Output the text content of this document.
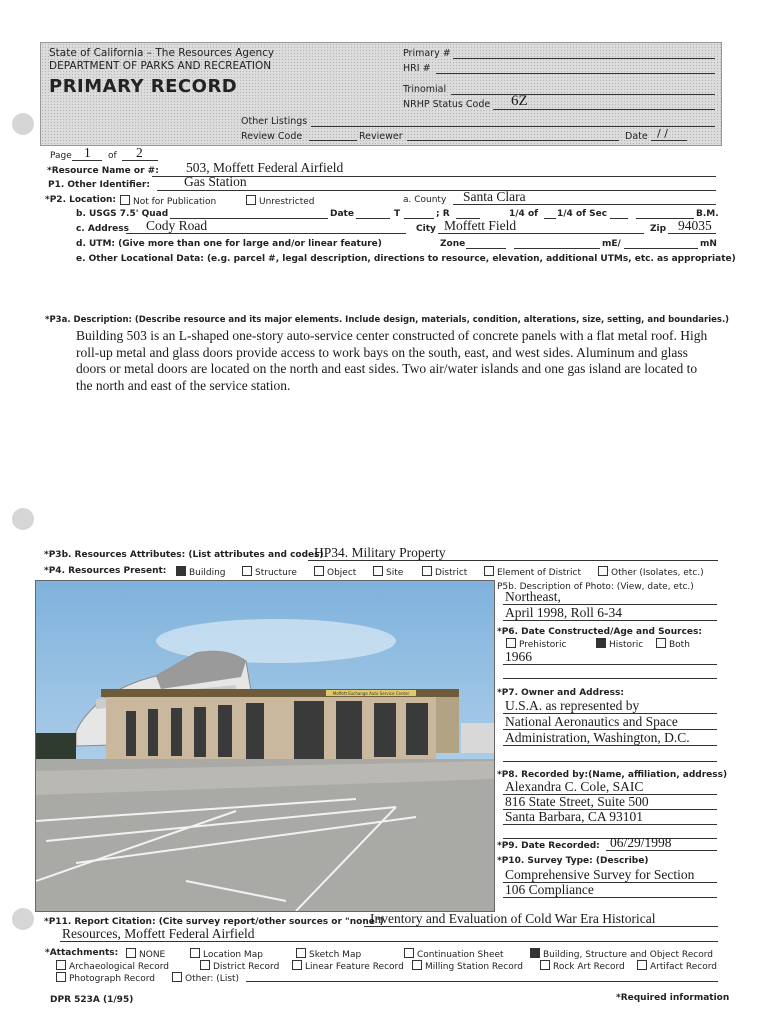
State of California – The Resources Agency
DEPARTMENT OF PARKS AND RECREATION
PRIMARY RECORD
Primary #
HRI #
Trinomial
NRHP Status Code 6Z
Other Listings
Review Code	Reviewer	Date / /
Page 1 of 2
*Resource Name or #: 503, Moffett Federal Airfield
P1. Other Identifier:	Gas Station
*P2. Location:	Not for Publication	Unrestricted	a. County Santa Clara
b. USGS 7.5' Quad	Date	T	; R	1/4 of 1/4 of Sec	B.M.
c. Address Cody Road	City Moffett Field	Zip 94035
d. UTM: (Give more than one for large and/or linear feature)	Zone	mE/	mN
e. Other Locational Data: (e.g. parcel #, legal description, directions to resource, elevation, additional UTMs, etc. as appropriate)
*P3a. Description: (Describe resource and its major elements. Include design, materials, condition, alterations, size, setting, and boundaries.)
Building 503 is an L-shaped one-story auto-service center constructed of concrete panels with a flat metal roof. High roll-up metal and glass doors provide access to work bays on the south, east, and west sides. Aluminum and glass doors or metal doors are located on the north and east sides. Two air/water islands and one gas island are located to the north and east of the service station.
*P3b. Resources Attributes: (List attributes and codes)
HP34. Military Property
*P4. Resources Present:	Building	Structure	Object	Site	District	Element of District	Other (Isolates, etc.)
Moffett Exchange Auto Service Center
P5b. Description of Photo: (View, date, etc.)
Northeast,
April 1998, Roll 6-34
*P6. Date Constructed/Age and Sources:
Prehistoric	Historic	Both
1966
*P7. Owner and Address:
U.S.A. as represented by
National Aeronautics and Space
Administration, Washington, D.C.
*P8. Recorded by:(Name, affiliation, address)
Alexandra C. Cole, SAIC
816 State Street, Suite 500
Santa Barbara, CA 93101
*P9. Date Recorded: 06/29/1998
*P10. Survey Type: (Describe)
Comprehensive Survey for Section
106 Compliance
*P11. Report Citation: (Cite survey report/other sources or "none")
Inventory and Evaluation of Cold War Era Historical
Resources, Moffett Federal Airfield
*Attachments:	NONE	Location Map	Sketch Map	Continuation Sheet	Building, Structure and Object Record
Archaeological Record	District Record	Linear Feature Record	Milling Station Record	Rock Art Record	Artifact Record
Photograph Record	Other: (List)
DPR 523A (1/95)	*Required information
